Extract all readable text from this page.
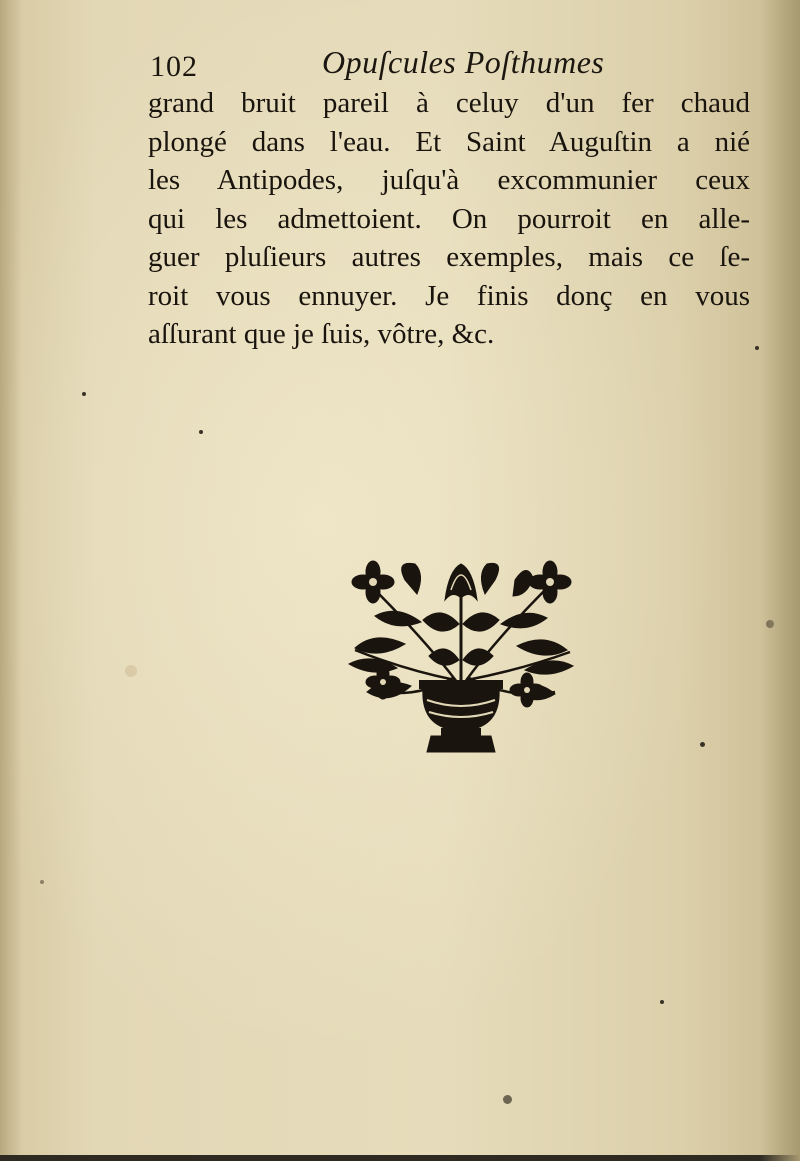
102	Opuſcules Poſthumes
grand bruit pareil à celuy d'un fer chaud
plongé dans l'eau. Et Saint Auguſtin a nié
les Antipodes, juſqu'à excommunier ceux
qui les admettoient. On pourroit en alle-
guer pluſieurs autres exemples, mais ce ſe-
roit vous ennuyer. Je finis donç en vous
aſſurant que je ſuis, vôtre, &c.
